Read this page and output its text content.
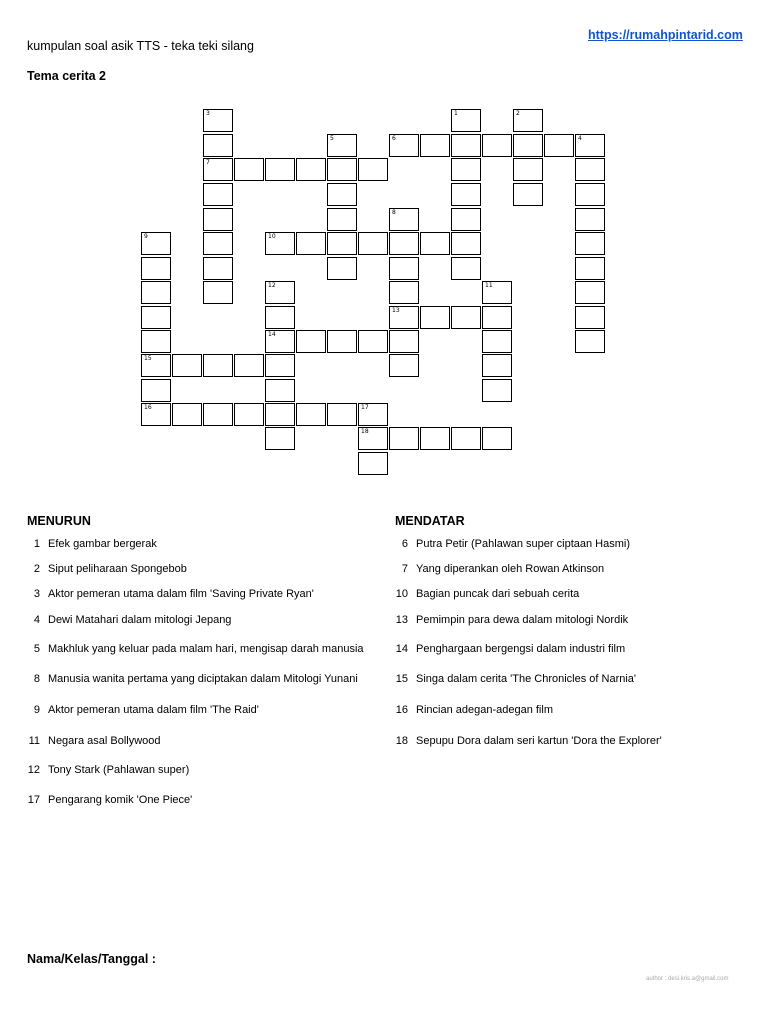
kumpulan soal asik TTS - teka teki silang
https://rumahpintarid.com
Tema cerita 2
3	1	2
5	6	4
7
8
9	10
12	11
13
14
15
16	17
18
MENURUN	MENDATAR
1 Efek gambar bergerak
2 Siput peliharaan Spongebob
3 Aktor pemeran utama dalam film 'Saving Private Ryan'
4 Dewi Matahari dalam mitologi Jepang
5 Makhluk yang keluar pada malam hari, mengisap darah manusia
8 Manusia wanita pertama yang diciptakan dalam Mitologi Yunani
9 Aktor pemeran utama dalam film 'The Raid'
11 Negara asal Bollywood
12 Tony Stark (Pahlawan super)
17 Pengarang komik 'One Piece'
6 Putra Petir (Pahlawan super ciptaan Hasmi)
7 Yang diperankan oleh Rowan Atkinson
10 Bagian puncak dari sebuah cerita
13 Pemimpin para dewa dalam mitologi Nordik
14 Penghargaan bergengsi dalam industri film
15 Singa dalam cerita 'The Chronicles of Narnia'
16 Rincian adegan-adegan film
18 Sepupu Dora dalam seri kartun 'Dora the Explorer'
Nama/Kelas/Tanggal :
author : desi.kris.a@gmail.com
